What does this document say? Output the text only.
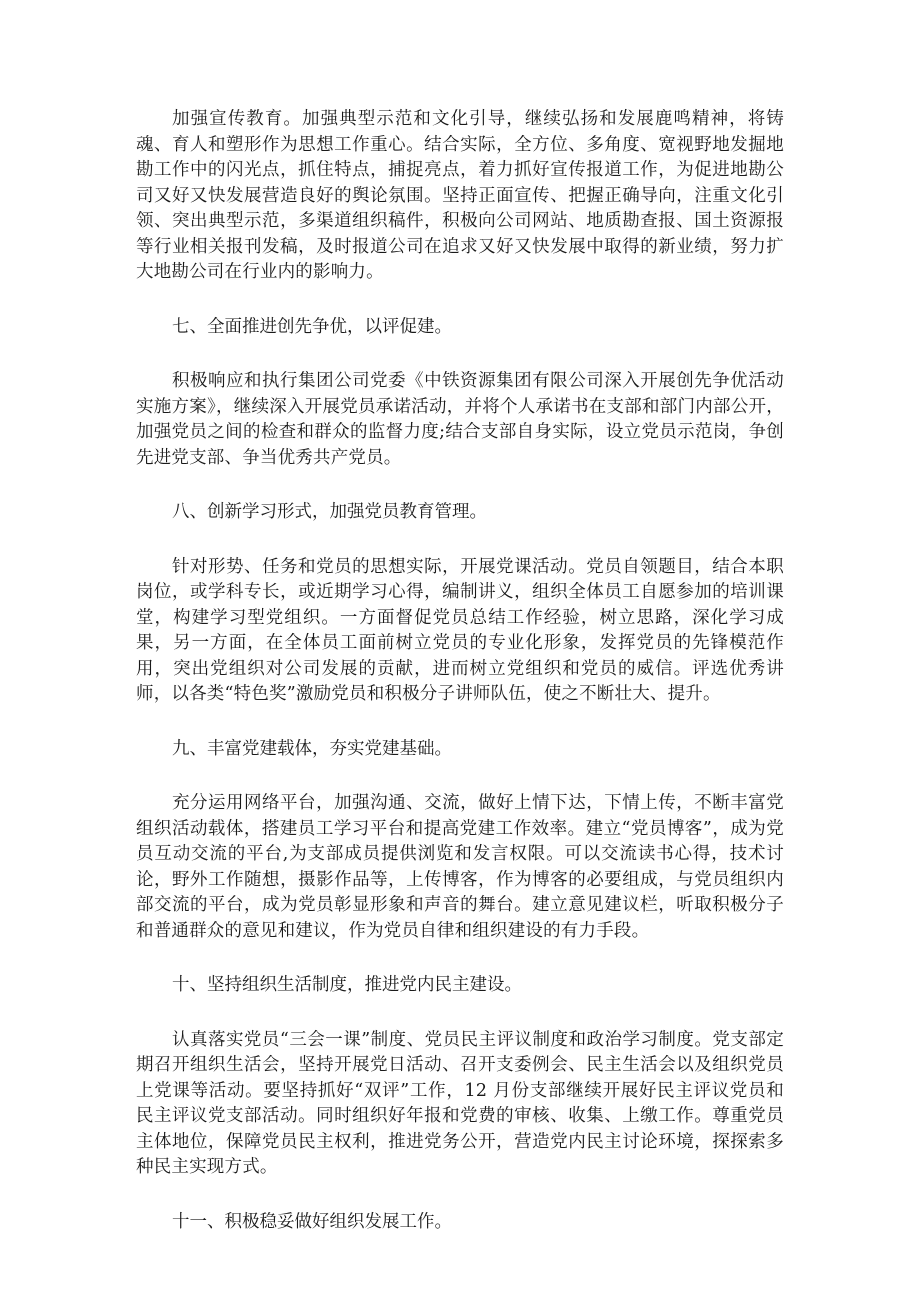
加强宣传教育。加强典型示范和文化引导，继续弘扬和发展鹿鸣精神，将铸魂、育人和塑形作为思想工作重心。结合实际，全方位、多角度、宽视野地发掘地勘工作中的闪光点，抓住特点，捕捉亮点，着力抓好宣传报道工作，为促进地勘公司又好又快发展营造良好的舆论氛围。坚持正面宣传、把握正确导向，注重文化引领、突出典型示范，多渠道组织稿件，积极向公司网站、地质勘查报、国土资源报等行业相关报刊发稿，及时报道公司在追求又好又快发展中取得的新业绩，努力扩大地勘公司在行业内的影响力。

七、全面推进创先争优，以评促建。

积极响应和执行集团公司党委《中铁资源集团有限公司深入开展创先争优活动实施方案》，继续深入开展党员承诺活动，并将个人承诺书在支部和部门内部公开，加强党员之间的检查和群众的监督力度;结合支部自身实际，设立党员示范岗，争创先进党支部、争当优秀共产党员。

八、创新学习形式，加强党员教育管理。

针对形势、任务和党员的思想实际，开展党课活动。党员自领题目，结合本职岗位，或学科专长，或近期学习心得，编制讲义，组织全体员工自愿参加的培训课堂，构建学习型党组织。一方面督促党员总结工作经验，树立思路，深化学习成果，另一方面，在全体员工面前树立党员的专业化形象，发挥党员的先锋模范作用，突出党组织对公司发展的贡献，进而树立党组织和党员的威信。评选优秀讲师，以各类“特色奖”激励党员和积极分子讲师队伍，使之不断壮大、提升。

九、丰富党建载体，夯实党建基础。

充分运用网络平台，加强沟通、交流，做好上情下达，下情上传，不断丰富党组织活动载体，搭建员工学习平台和提高党建工作效率。建立“党员博客”，成为党员互动交流的平台,为支部成员提供浏览和发言权限。可以交流读书心得，技术讨论，野外工作随想，摄影作品等，上传博客，作为博客的必要组成，与党员组织内部交流的平台，成为党员彰显形象和声音的舞台。建立意见建议栏，听取积极分子和普通群众的意见和建议，作为党员自律和组织建设的有力手段。

十、坚持组织生活制度，推进党内民主建设。

认真落实党员“三会一课”制度、党员民主评议制度和政治学习制度。党支部定期召开组织生活会，坚持开展党日活动、召开支委例会、民主生活会以及组织党员上党课等活动。要坚持抓好“双评”工作，12 月份支部继续开展好民主评议党员和民主评议党支部活动。同时组织好年报和党费的审核、收集、上缴工作。尊重党员主体地位，保障党员民主权利，推进党务公开，营造党内民主讨论环境，探探索多种民主实现方式。

十一、积极稳妥做好组织发展工作。
